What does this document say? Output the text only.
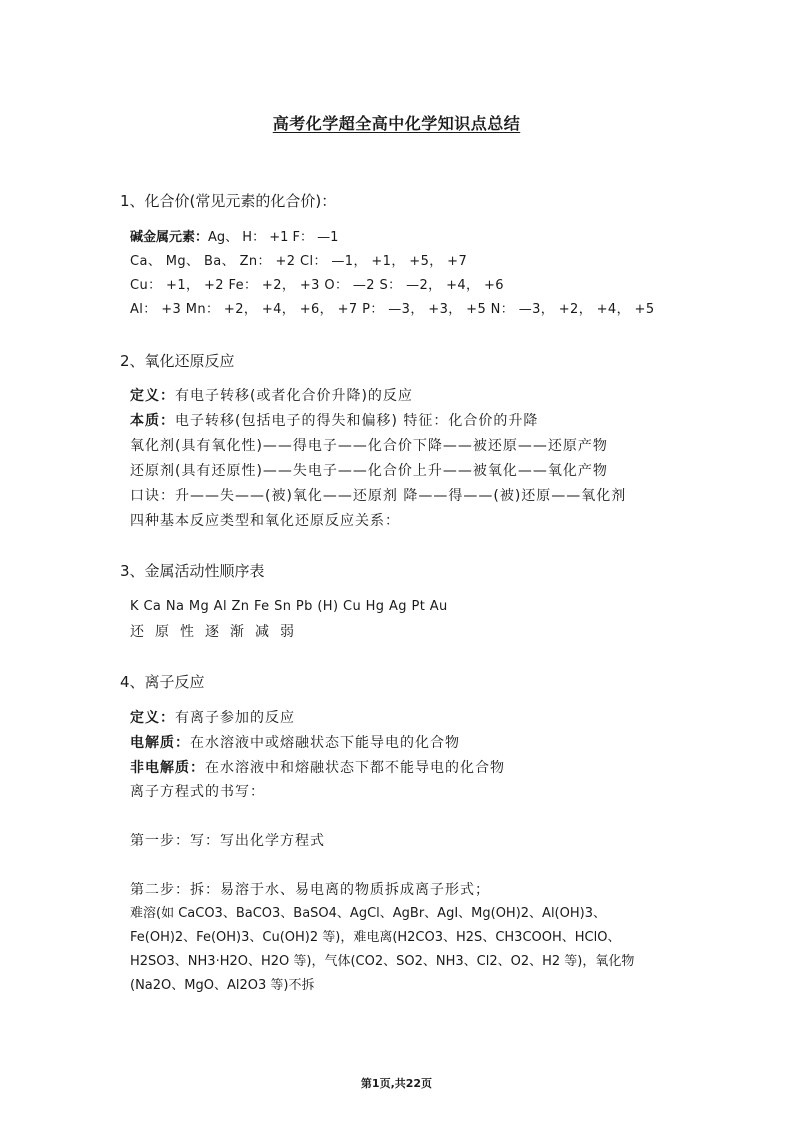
高考化学超全高中化学知识点总结
1、化合价(常见元素的化合价)：
碱金属元素：Ag、 H： +1 F： —1
Ca、 Mg、 Ba、 Zn： +2 Cl： —1， +1， +5， +7
Cu： +1， +2 Fe： +2， +3 O： —2 S： —2， +4， +6
Al： +3 Mn： +2， +4， +6， +7 P： —3， +3， +5 N： —3， +2， +4， +5
2、氧化还原反应
定义：有电子转移(或者化合价升降)的反应
本质：电子转移(包括电子的得失和偏移) 特征：化合价的升降
氧化剂(具有氧化性)——得电子——化合价下降——被还原——还原产物
还原剂(具有还原性)——失电子——化合价上升——被氧化——氧化产物
口诀：升——失——(被)氧化——还原剂 降——得——(被)还原——氧化剂
四种基本反应类型和氧化还原反应关系：
3、金属活动性顺序表
K Ca Na Mg Al Zn Fe Sn Pb (H) Cu Hg Ag Pt Au
还原性逐渐减弱
4、离子反应
定义：有离子参加的反应
电解质：在水溶液中或熔融状态下能导电的化合物
非电解质：在水溶液中和熔融状态下都不能导电的化合物
离子方程式的书写：
第一步：写：写出化学方程式
第二步：拆：易溶于水、易电离的物质拆成离子形式；
难溶(如 CaCO3、BaCO3、BaSO4、AgCl、AgBr、AgI、Mg(OH)2、Al(OH)3、Fe(OH)2、Fe(OH)3、Cu(OH)2 等)，难电离(H2CO3、H2S、CH3COOH、HClO、H2SO3、NH3·H2O、H2O 等)，气体(CO2、SO2、NH3、Cl2、O2、H2 等)，氧化物(Na2O、MgO、Al2O3 等)不拆
第1页,共22页
